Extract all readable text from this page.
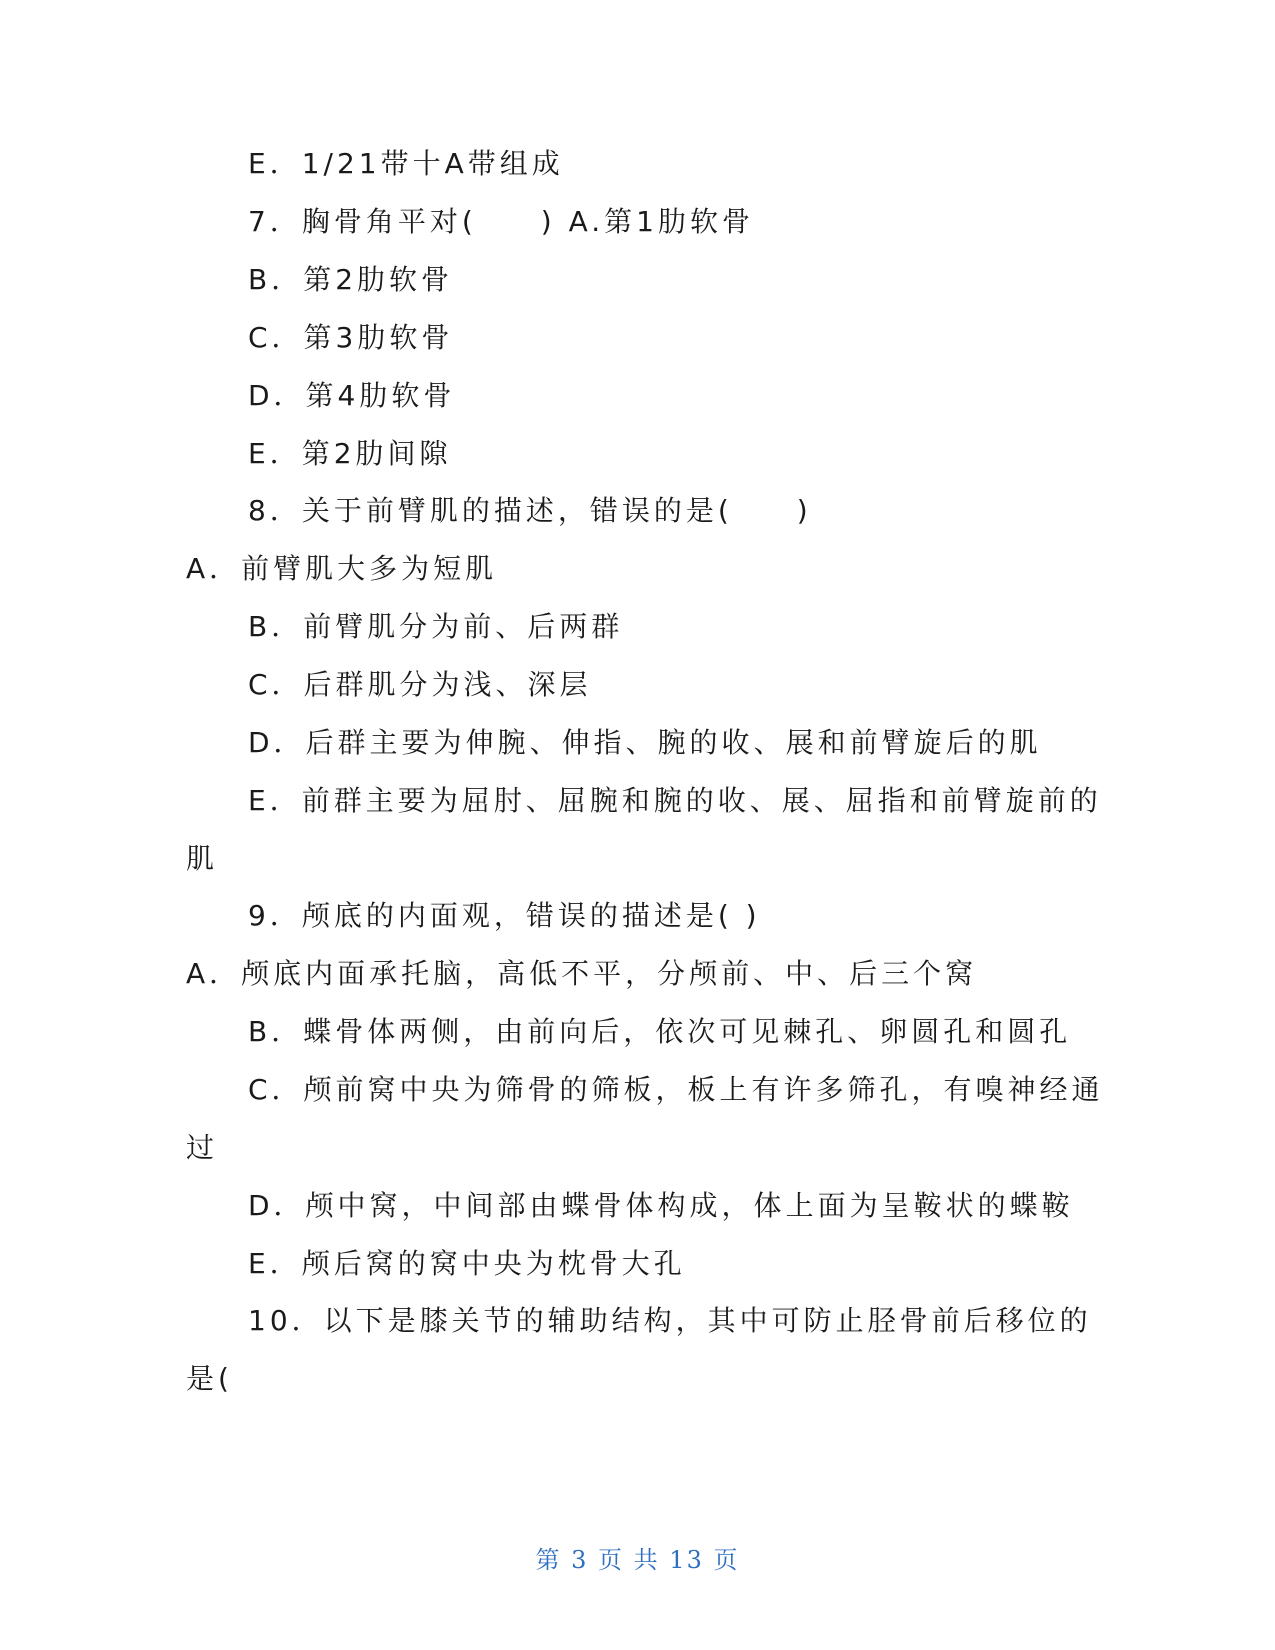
E．1/21带十A带组成
7．胸骨角平对(　　) A.第1肋软骨
B．第2肋软骨
C．第3肋软骨
D．第4肋软骨
E．第2肋间隙
8．关于前臂肌的描述，错误的是(　　)
A．前臂肌大多为短肌
B．前臂肌分为前、后两群
C．后群肌分为浅、深层
D．后群主要为伸腕、伸指、腕的收、展和前臂旋后的肌
E．前群主要为屈肘、屈腕和腕的收、展、屈指和前臂旋前的
肌
9．颅底的内面观，错误的描述是( )
A．颅底内面承托脑，高低不平，分颅前、中、后三个窝
B．蝶骨体两侧，由前向后，依次可见棘孔、卵圆孔和圆孔
C．颅前窝中央为筛骨的筛板，板上有许多筛孔，有嗅神经通
过
D．颅中窝，中间部由蝶骨体构成，体上面为呈鞍状的蝶鞍
E．颅后窝的窝中央为枕骨大孔
10．以下是膝关节的辅助结构，其中可防止胫骨前后移位的
是(
第 3 页 共 13 页
